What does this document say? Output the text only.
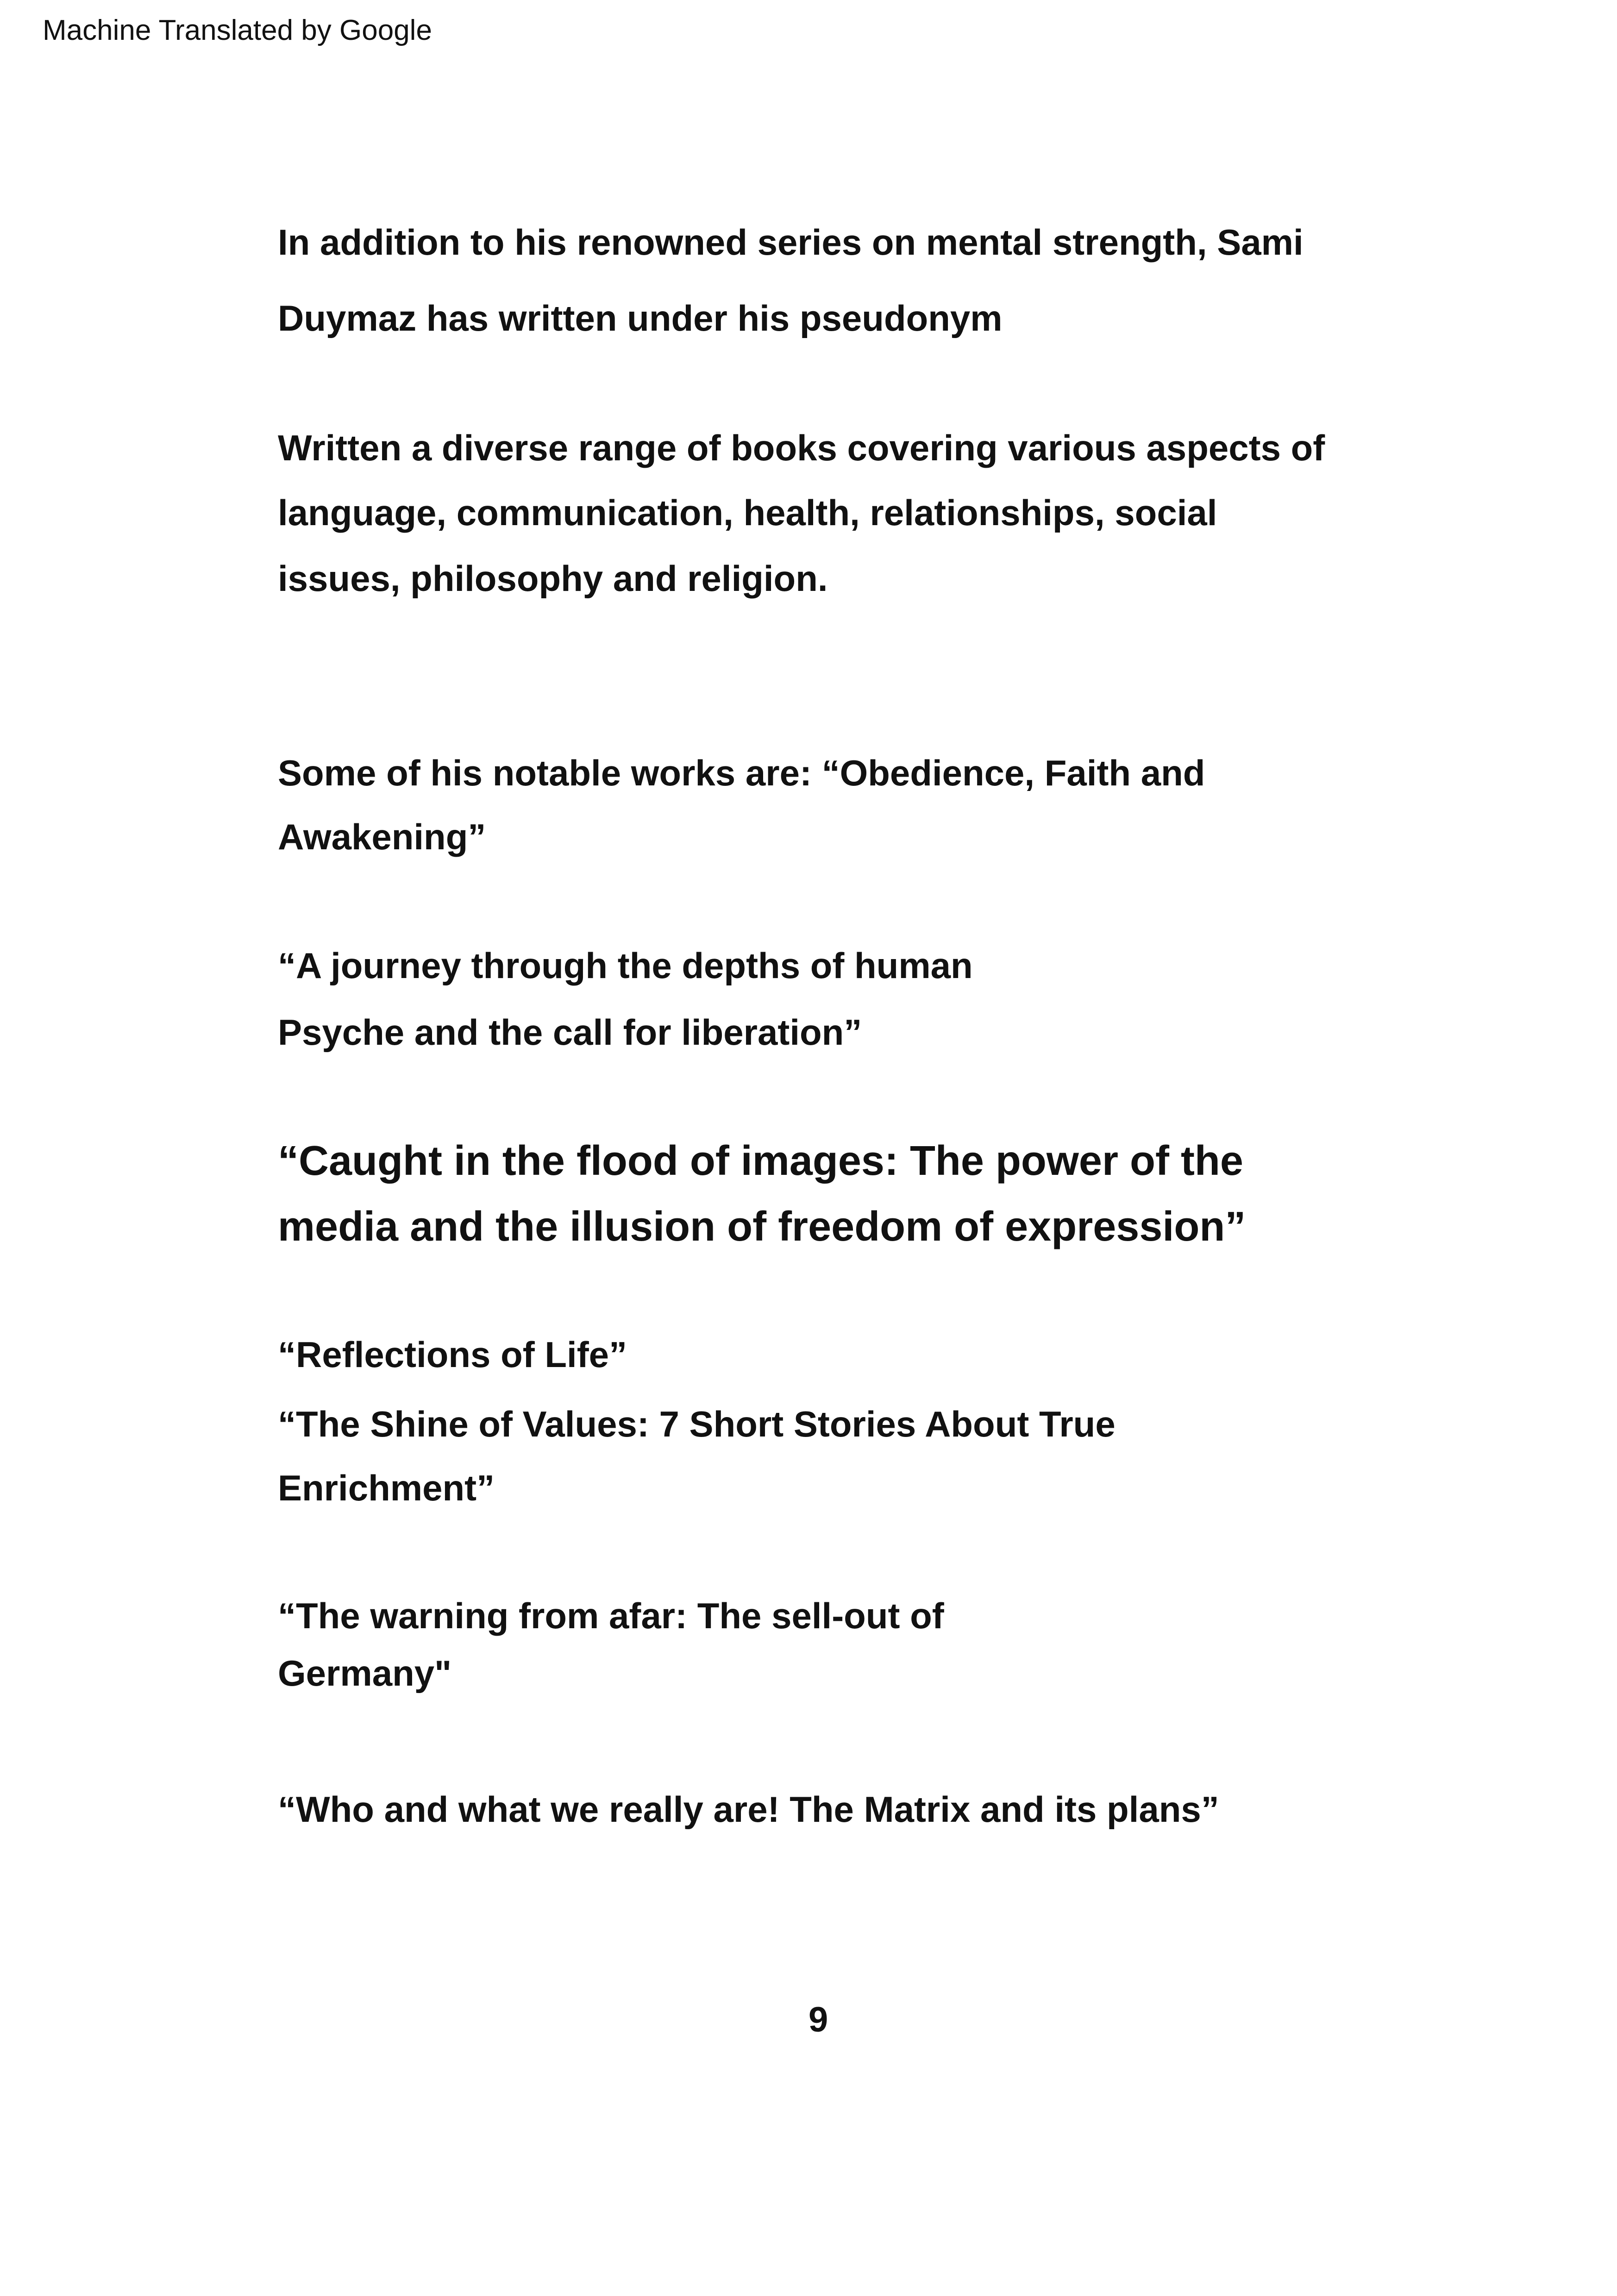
Machine Translated by Google
In addition to his renowned series on mental strength, Sami
Duymaz has written under his pseudonym
Written a diverse range of books covering various aspects of
language, communication, health, relationships, social
issues, philosophy and religion.
Some of his notable works are: “Obedience, Faith and
Awakening”
“A journey through the depths of human
Psyche and the call for liberation”
“Caught in the flood of images: The power of the
media and the illusion of freedom of expression”
“Reflections of Life”
“The Shine of Values: 7 Short Stories About True
Enrichment”
“The warning from afar: The sell-out of
Germany"
“Who and what we really are! The Matrix and its plans”
9
